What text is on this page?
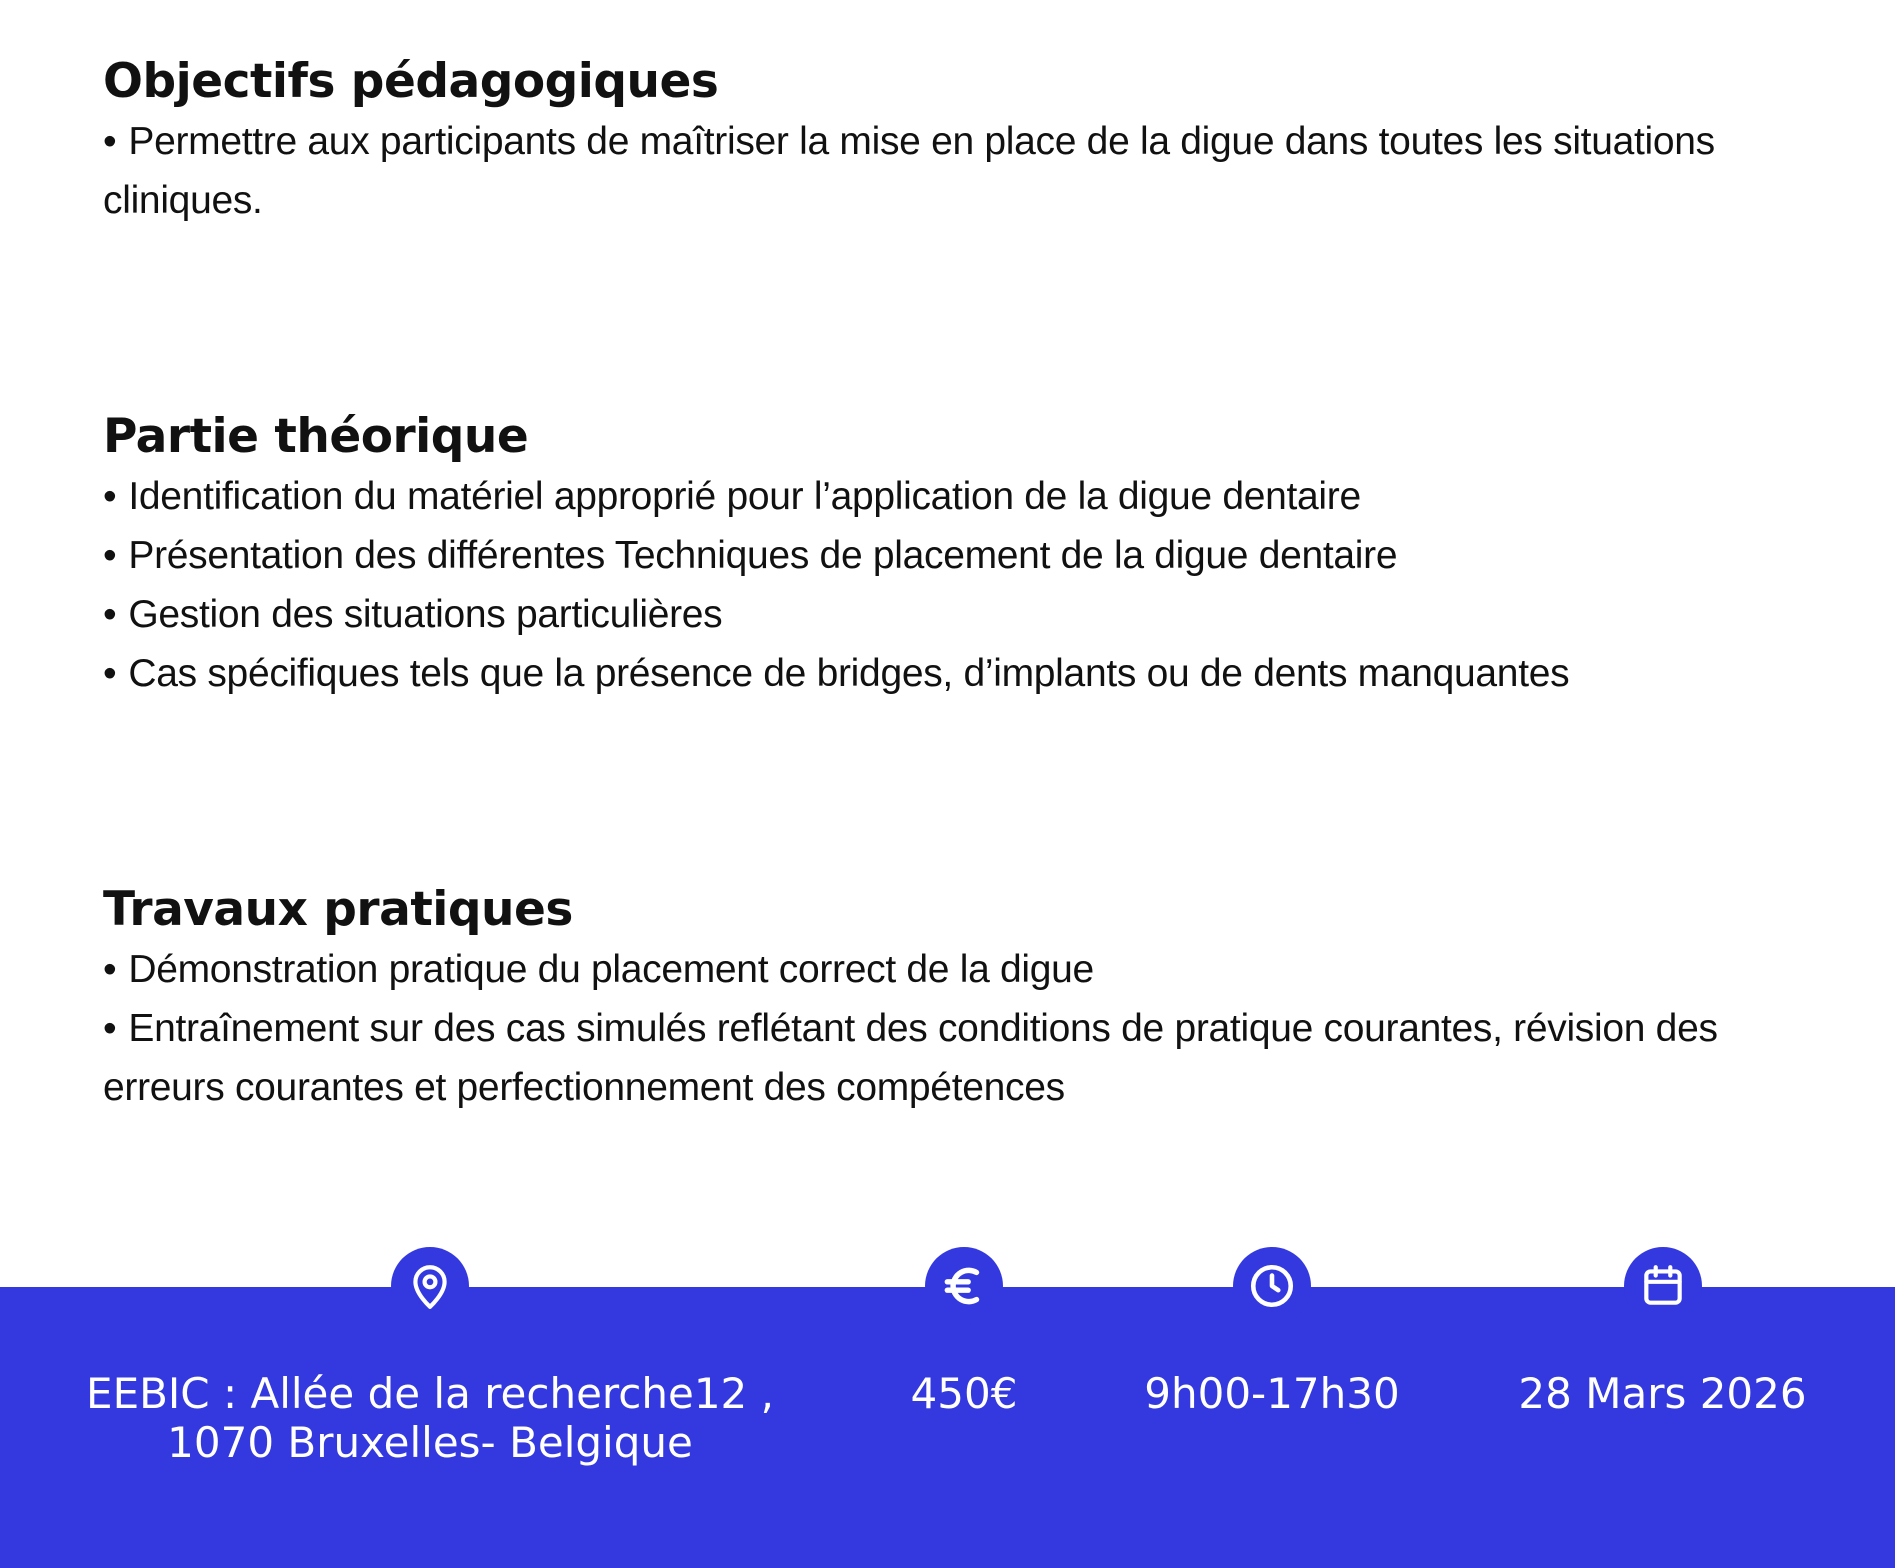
Objectifs pédagogiques
• Permettre aux participants de maîtriser la mise en place de la digue dans toutes les situations cliniques.
Partie théorique
• Identification du matériel approprié pour l’application de la digue dentaire
• Présentation des différentes Techniques de placement de la digue dentaire
• Gestion des situations particulières
• Cas spécifiques tels que la présence de bridges, d’implants ou de dents manquantes
Travaux pratiques
• Démonstration pratique du placement correct de la digue
• Entraînement sur des cas simulés reflétant des conditions de pratique courantes, révision des erreurs courantes et perfectionnement des compétences
EEBIC : Allée de la recherche12 ,
1070 Bruxelles- Belgique
450€	9h00-17h30	28 Mars 2026
